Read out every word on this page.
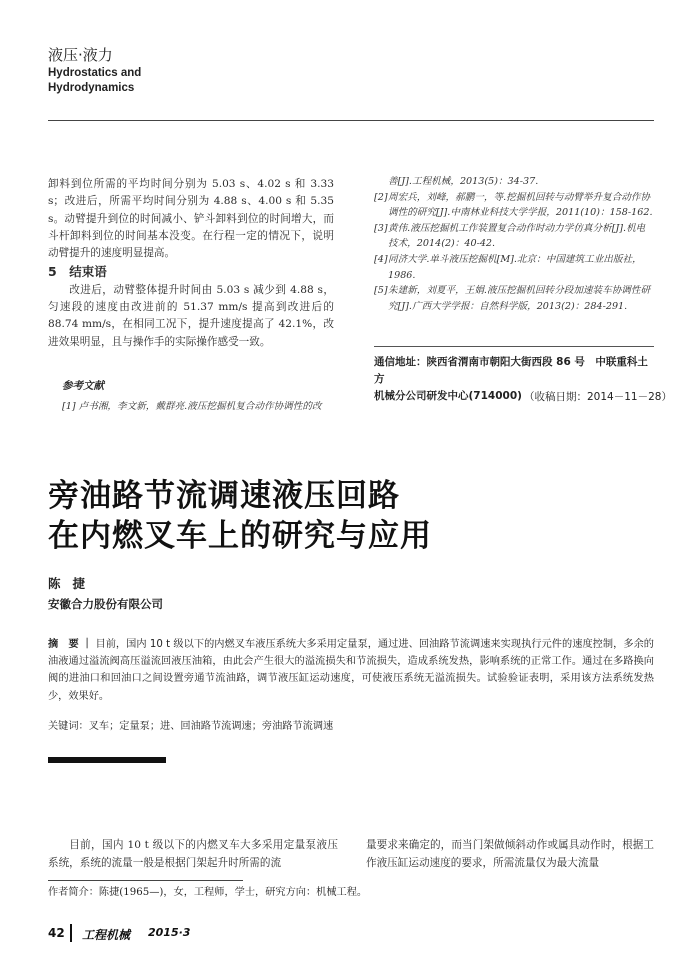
液压·液力
Hydrostatics and
Hydrodynamics

卸料到位所需的平均时间分别为 5.03 s、4.02 s 和 3.33 s；改进后，所需平均时间分别为 4.88 s、4.00 s 和 5.35 s。动臂提升到位的时间减小、铲斗卸料到位的时间增大，而斗杆卸料到位的时间基本没变。在行程一定的情况下，说明动臂提升的速度明显提高。

5　结束语

改进后，动臂整体提升时间由 5.03 s 减少到 4.88 s，匀速段的速度由改进前的 51.37 mm/s 提高到改进后的 88.74 mm/s，在相同工况下，提升速度提高了 42.1%，改进效果明显，且与操作手的实际操作感受一致。

参考文献
[1] 卢书湘，李文新，戴群亮.液压挖掘机复合动作协调性的改
善[J].工程机械，2013(5)：34-37.
[2] 周宏兵，刘峰，郝鹏一，等.挖掘机回转与动臂举升复合动作协调性的研究[J].中南林业科技大学学报，2011(10)：158-162.
[3] 黄伟.液压挖掘机工作装置复合动作时动力学仿真分析[J].机电技术，2014(2)：40-42.
[4] 同济大学.单斗液压挖掘机[M].北京：中国建筑工业出版社，1986.
[5] 朱建新，刘夏平，王娟.液压挖掘机回转分段加速装车协调性研究[J].广西大学学报：自然科学版，2013(2)：284-291.
通信地址：陕西省渭南市朝阳大街西段 86 号　中联重科土方
机械分公司研发中心(714000) （收稿日期：2014－11－28）
旁油路节流调速液压回路
在内燃叉车上的研究与应用
陈捷
安徽合力股份有限公司
摘　要 ｜ 目前，国内 10 t 级以下的内燃叉车液压系统大多采用定量泵，通过进、回油路节流调速来实现执行元件的速度控制，多余的油液通过溢流阀高压溢流回液压油箱，由此会产生很大的溢流损失和节流损失，造成系统发热，影响系统的正常工作。通过在多路换向阀的进油口和回油口之间设置旁通节流油路，调节液压缸运动速度，可使液压系统无溢流损失。试验验证表明，采用该方法系统发热少，效果好。
关键词：叉车；定量泵；进、回油路节流调速；旁油路节流调速
目前，国内 10 t 级以下的内燃叉车大多采用定量泵液压系统，系统的流量一般是根据门架起升时所需的流
量要求来确定的，而当门架做倾斜动作或属具动作时，根据工作液压缸运动速度的要求，所需流量仅为最大流量
作者简介：陈捷(1965—)，女，工程师，学士，研究方向：机械工程。
42 工程机械 2015·3
